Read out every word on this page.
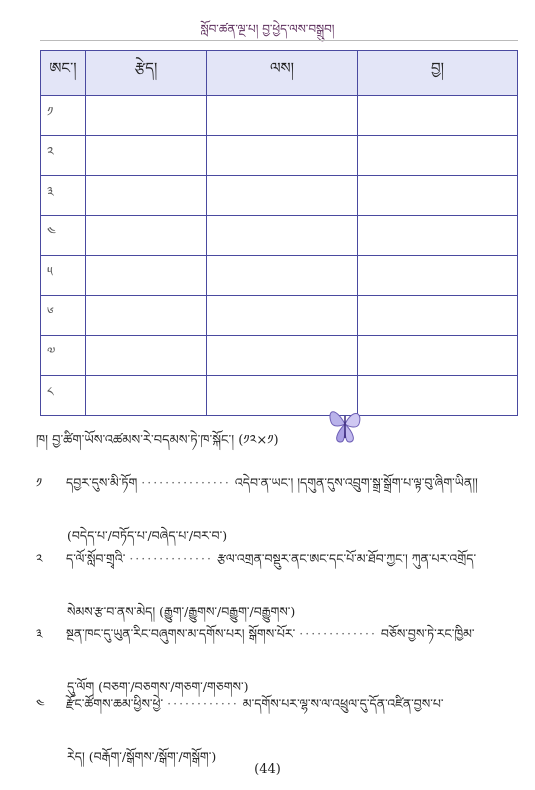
སློབ་ཚན་ལྔ་པ། བྱ་ཕྱེད་ལས་བསྒྲུབ།
ཨང་།	རྩེད།	ལས།	བྱ།
༡			
༢			
༣			
༤			
༥			
༦			
༧			
༨			
ཁ། བྱ་ཚིག་ཡོས་འཚམས་རེ་བདམས་ཏེ་ཁ་སྐོང་། (༡༢×༡)
༡ དབྱར་དུས་མི་ཏོག ··············· འདེབ་ན་ཡང་། །དགུན་དུས་འབྲུག་སྒྲ་སྒྲོག་པ་ལྟ་བུ་ཞིག་ཡིན།།
(བདེད་པ་/བཏོད་པ་/བཞེད་པ་/བར་བ་)
༢ ད་ལོ་སློབ་གྲྭའི་ ·············· རྩལ་འགྲན་བསྡུར་ནང་ཨང་དང་པོ་མ་ཐོབ་ཀྱང་། ཀུན་པར་འགྲོད་
སེམས་རྩ་བ་ནས་མེད། (རྒྱུག་/རྒྱུགས་/བརྒྱུག་/བརྒྱུགས་)
༣ སྔན་ཁང་དུ་ཡུན་རིང་བཞུགས་མ་དགོས་པར། སྒོགས་པོར་ ············· བཅོས་བྱས་ཏེ་རང་ཁྱིམ་
དུ་ལོག (བཅག་/བཅགས་/གཅག་/གཅགས་)
༤ རྫོང་ཚོགས་ཆམ་ཕྱིས་ཕྱེ་ ············ མ་དགོས་པར་ལྷ་ས་ལ་འཕྲུལ་དུ་དོན་འཛིན་བྱས་པ་
རེད། (བརྒོག་/སྒོགས་/སྒོག་/གསྒོག་)
(44)
